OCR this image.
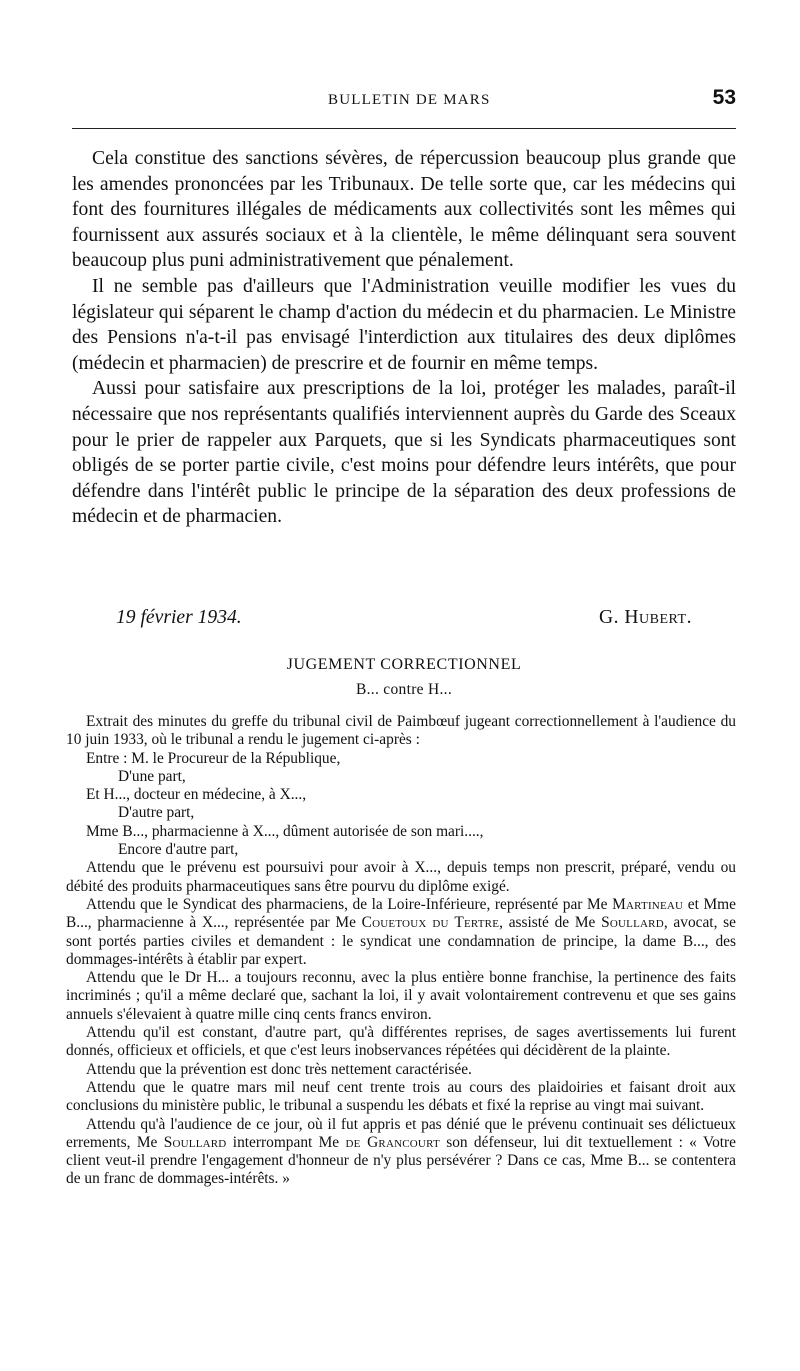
BULLETIN DE MARS	53

Cela constitue des sanctions sévères, de répercussion beaucoup plus grande que les amendes prononcées par les Tribunaux. De telle sorte que, car les médecins qui font des fournitures illégales de médicaments aux collectivités sont les mêmes qui fournissent aux assurés sociaux et à la clientèle, le même délinquant sera souvent beaucoup plus puni administrativement que pénalement.

Il ne semble pas d'ailleurs que l'Administration veuille modifier les vues du législateur qui séparent le champ d'action du médecin et du pharmacien. Le Ministre des Pensions n'a-t-il pas envisagé l'interdiction aux titulaires des deux diplômes (médecin et pharmacien) de prescrire et de fournir en même temps.

Aussi pour satisfaire aux prescriptions de la loi, protéger les malades, paraît-il nécessaire que nos représentants qualifiés interviennent auprès du Garde des Sceaux pour le prier de rappeler aux Parquets, que si les Syndicats pharmaceutiques sont obligés de se porter partie civile, c'est moins pour défendre leurs intérêts, que pour défendre dans l'intérêt public le principe de la séparation des deux professions de médecin et de pharmacien.

19 février 1934.	G. Hubert.
JUGEMENT CORRECTIONNEL
B... contre H...

Extrait des minutes du greffe du tribunal civil de Paimbœuf jugeant correctionnellement à l'audience du 10 juin 1933, où le tribunal a rendu le jugement ci-après :

Entre : M. le Procureur de la République,

D'une part,

Et H..., docteur en médecine, à X...,

D'autre part,

Mme B..., pharmacienne à X..., dûment autorisée de son mari....,

Encore d'autre part,

Attendu que le prévenu est poursuivi pour avoir à X..., depuis temps non prescrit, préparé, vendu ou débité des produits pharmaceutiques sans être pourvu du diplôme exigé.

Attendu que le Syndicat des pharmaciens, de la Loire-Inférieure, représenté par Me Martineau et Mme B..., pharmacienne à X..., représentée par Me Couetoux du Tertre, assisté de Me Soullard, avocat, se sont portés parties civiles et demandent : le syndicat une condamnation de principe, la dame B..., des dommages-intérêts à établir par expert.

Attendu que le Dr H... a toujours reconnu, avec la plus entière bonne franchise, la pertinence des faits incriminés ; qu'il a même declaré que, sachant la loi, il y avait volontairement contrevenu et que ses gains annuels s'élevaient à quatre mille cinq cents francs environ.

Attendu qu'il est constant, d'autre part, qu'à différentes reprises, de sages avertissements lui furent donnés, officieux et officiels, et que c'est leurs inobservances répétées qui décidèrent de la plainte.

Attendu que la prévention est donc très nettement caractérisée.

Attendu que le quatre mars mil neuf cent trente trois au cours des plaidoiries et faisant droit aux conclusions du ministère public, le tribunal a suspendu les débats et fixé la reprise au vingt mai suivant.

Attendu qu'à l'audience de ce jour, où il fut appris et pas dénié que le prévenu continuait ses délictueux errements, Me Soullard interrompant Me de Grancourt son défenseur, lui dit textuellement : « Votre client veut-il prendre l'engagement d'honneur de n'y plus persévérer ? Dans ce cas, Mme B... se contentera de un franc de dommages-intérêts. »
